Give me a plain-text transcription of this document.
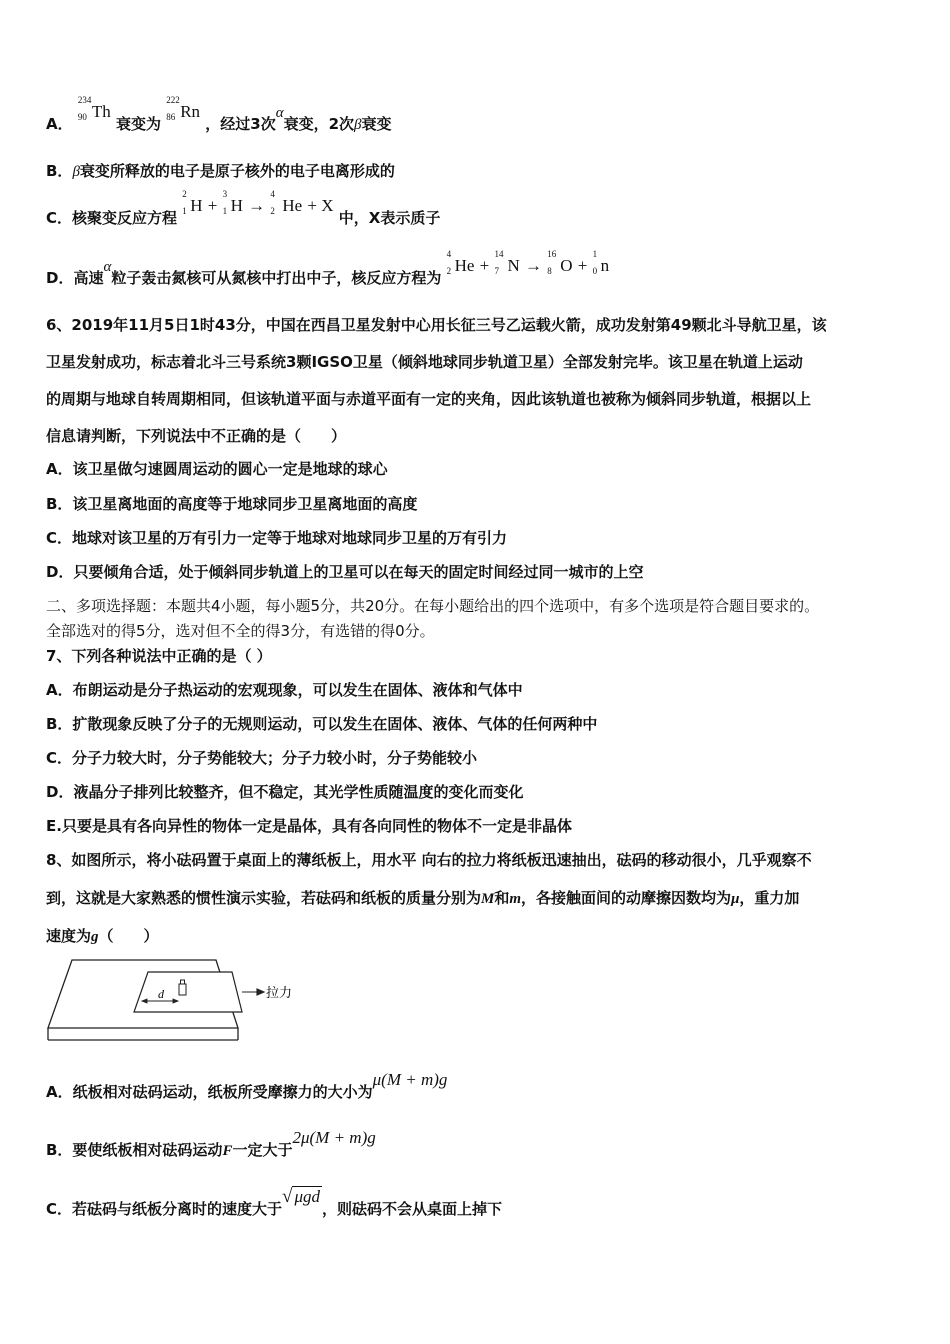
A．
234
90 Th 衰变为
222
86 Rn ，经过3次α衰变，2次β衰变
B．β衰变所释放的电子是原子核外的电子电离形成的
C．核聚变反应方程
2
1 H +
3
1 H →
4
2 He + X 中，X表示质子
D．高速α粒子轰击氮核可从氮核中打出中子，核反应方程为
4
2 He +
14
7 N →
16
8 O +
1
0 n
6、2019年11月5日1时43分，中国在西昌卫星发射中心用长征三号乙运载火箭，成功发射第49颗北斗导航卫星，该
卫星发射成功，标志着北斗三号系统3颗IGSO卫星（倾斜地球同步轨道卫星）全部发射完毕。该卫星在轨道上运动
的周期与地球自转周期相同，但该轨道平面与赤道平面有一定的夹角，因此该轨道也被称为倾斜同步轨道，根据以上
信息请判断，下列说法中不正确的是（　　）
A．该卫星做匀速圆周运动的圆心一定是地球的球心
B．该卫星离地面的高度等于地球同步卫星离地面的高度
C．地球对该卫星的万有引力一定等于地球对地球同步卫星的万有引力
D．只要倾角合适，处于倾斜同步轨道上的卫星可以在每天的固定时间经过同一城市的上空
二、多项选择题：本题共4小题，每小题5分，共20分。在每小题给出的四个选项中，有多个选项是符合题目要求的。
全部选对的得5分，选对但不全的得3分，有选错的得0分。
7、下列各种说法中正确的是（ ）
A．布朗运动是分子热运动的宏观现象，可以发生在固体、液体和气体中
B．扩散现象反映了分子的无规则运动，可以发生在固体、液体、气体的任何两种中
C．分子力较大时，分子势能较大；分子力较小时，分子势能较小
D．液晶分子排列比较整齐，但不稳定，其光学性质随温度的变化而变化
E.只要是具有各向异性的物体一定是晶体，具有各向同性的物体不一定是非晶体
8、如图所示，将小砝码置于桌面上的薄纸板上，用水平 向右的拉力将纸板迅速抽出，砝码的移动很小，几乎观察不
到，这就是大家熟悉的惯性演示实验，若砝码和纸板的质量分别为M和m，各接触面间的动摩擦因数均为μ，重力加
速度为g（　　）
d	拉力
A．纸板相对砝码运动，纸板所受摩擦力的大小为μ(M + m)g
B．要使纸板相对砝码运动F一定大于2μ(M + m)g
C．若砝码与纸板分离时的速度大于√ μgd，则砝码不会从桌面上掉下
